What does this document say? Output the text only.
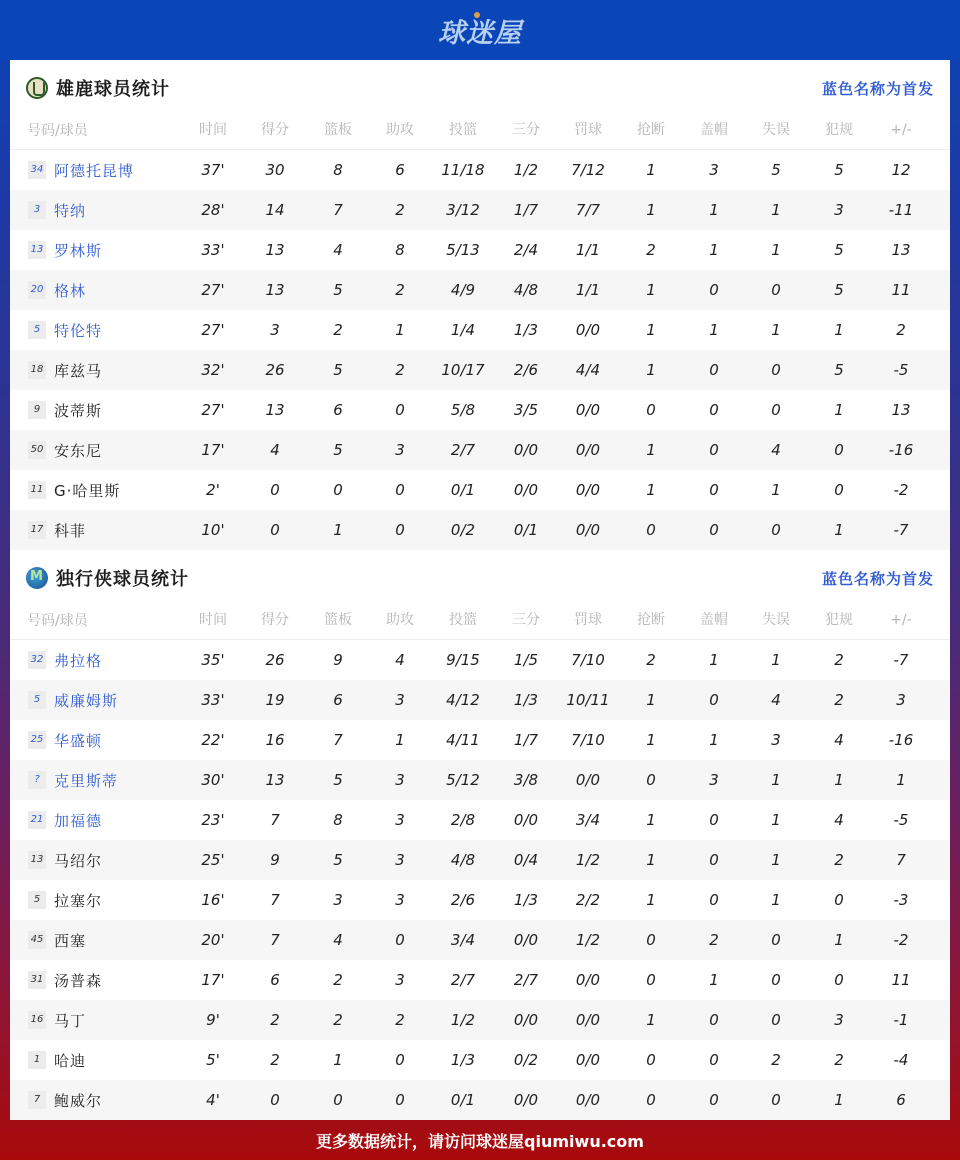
球迷屋
雄鹿球员统计	蓝色名称为首发
号码/球员	时间	得分	篮板	助攻	投篮	三分	罚球	抢断	盖帽	失误	犯规	+/-
34 阿德托昆博	37'	30	8	6	11/18	1/2	7/12	1	3	5	5	12
3 特纳	28'	14	7	2	3/12	1/7	7/7	1	1	1	3	-11
13 罗林斯	33'	13	4	8	5/13	2/4	1/1	2	1	1	5	13
20 格林	27'	13	5	2	4/9	4/8	1/1	1	0	0	5	11
5 特伦特	27'	3	2	1	1/4	1/3	0/0	1	1	1	1	2
18 库兹马	32'	26	5	2	10/17	2/6	4/4	1	0	0	5	-5
9 波蒂斯	27'	13	6	0	5/8	3/5	0/0	0	0	0	1	13
50 安东尼	17'	4	5	3	2/7	0/0	0/0	1	0	4	0	-16
11 G·哈里斯	2'	0	0	0	0/1	0/0	0/0	1	0	1	0	-2
17 科菲	10'	0	1	0	0/2	0/1	0/0	0	0	0	1	-7
M
独行侠球员统计	蓝色名称为首发
号码/球员	时间	得分	篮板	助攻	投篮	三分	罚球	抢断	盖帽	失误	犯规	+/-
32 弗拉格	35'	26	9	4	9/15	1/5	7/10	2	1	1	2	-7
5 威廉姆斯	33'	19	6	3	4/12	1/3	10/11	1	0	4	2	3
25 华盛顿	22'	16	7	1	4/11	1/7	7/10	1	1	3	4	-16
? 克里斯蒂	30'	13	5	3	5/12	3/8	0/0	0	3	1	1	1
21 加福德	23'	7	8	3	2/8	0/0	3/4	1	0	1	4	-5
13 马绍尔	25'	9	5	3	4/8	0/4	1/2	1	0	1	2	7
5 拉塞尔	16'	7	3	3	2/6	1/3	2/2	1	0	1	0	-3
45 西塞	20'	7	4	0	3/4	0/0	1/2	0	2	0	1	-2
31 汤普森	17'	6	2	3	2/7	2/7	0/0	0	1	0	0	11
16 马丁	9'	2	2	2	1/2	0/0	0/0	1	0	0	3	-1
1 哈迪	5'	2	1	0	1/3	0/2	0/0	0	0	2	2	-4
7 鲍威尔	4'	0	0	0	0/1	0/0	0/0	0	0	0	1	6
更多数据统计，请访问球迷屋qiumiwu.com
